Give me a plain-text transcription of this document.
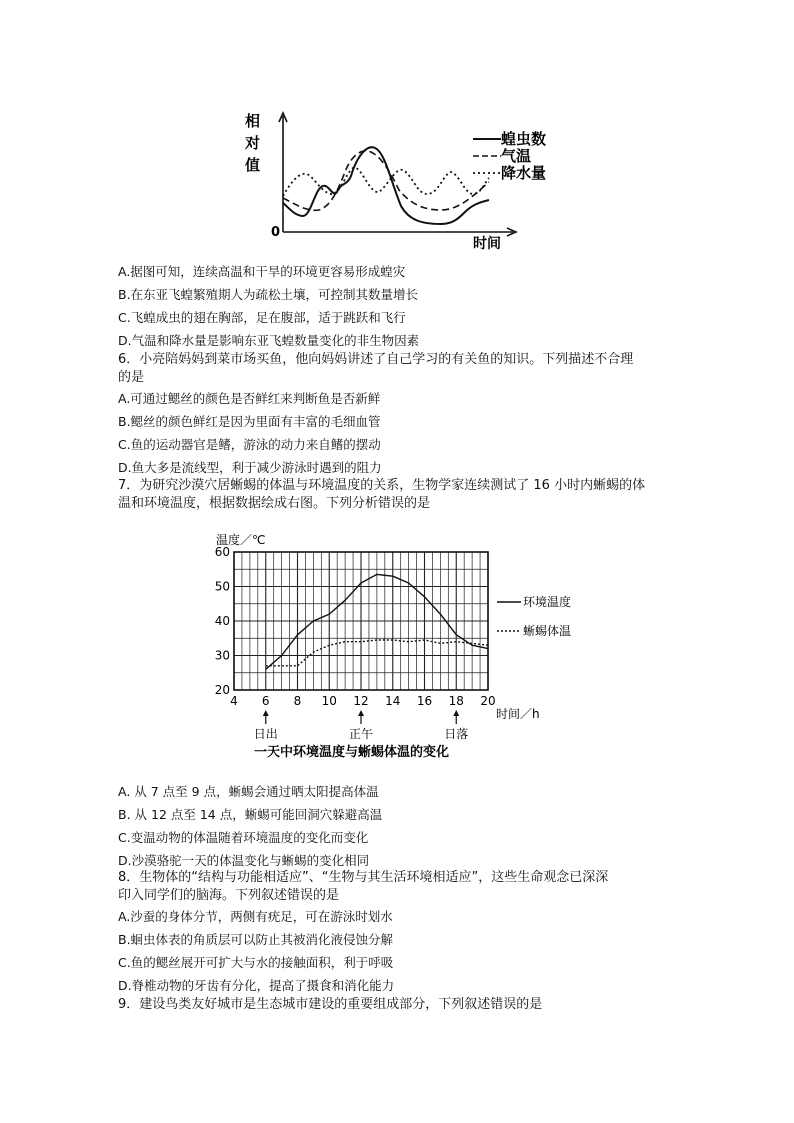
相
对
值
0
时间
蝗虫数
气温
降水量
A.据图可知，连续高温和干旱的环境更容易形成蝗灾
B.在东亚飞蝗繁殖期人为疏松土壤，可控制其数量增长
C.飞蝗成虫的翅在胸部，足在腹部，适于跳跃和飞行
D.气温和降水量是影响东亚飞蝗数量变化的非生物因素
6．小亮陪妈妈到菜市场买鱼，他向妈妈讲述了自己学习的有关鱼的知识。下列描述不合理
的是
A.可通过鳃丝的颜色是否鲜红来判断鱼是否新鲜
B.鳃丝的颜色鲜红是因为里面有丰富的毛细血管
C.鱼的运动器官是鳍，游泳的动力来自鳍的摆动
D.鱼大多是流线型，利于减少游泳时遇到的阻力
7．为研究沙漠穴居蜥蜴的体温与环境温度的关系，生物学家连续测试了 16 小时内蜥蜴的体
温和环境温度，根据数据绘成右图。下列分析错误的是
4 6 8 10 12 14 16 18 20
20
30
40
50
60
日出	正午	日落
温度／℃
时间／h
环境温度
蜥蜴体温
一天中环境温度与蜥蜴体温的变化
A. 从 7 点至 9 点，蜥蜴会通过晒太阳提高体温
B. 从 12 点至 14 点，蜥蜴可能回洞穴躲避高温
C.变温动物的体温随着环境温度的变化而变化
D.沙漠骆驼一天的体温变化与蜥蜴的变化相同
8．生物体的“结构与功能相适应”、“生物与其生活环境相适应”，这些生命观念已深深
印入同学们的脑海。下列叙述错误的是
A.沙蚕的身体分节，两侧有疣足，可在游泳时划水
B.蛔虫体表的角质层可以防止其被消化液侵蚀分解
C.鱼的鳃丝展开可扩大与水的接触面积，利于呼吸
D.脊椎动物的牙齿有分化，提高了摄食和消化能力
9．建设鸟类友好城市是生态城市建设的重要组成部分，下列叙述错误的是
